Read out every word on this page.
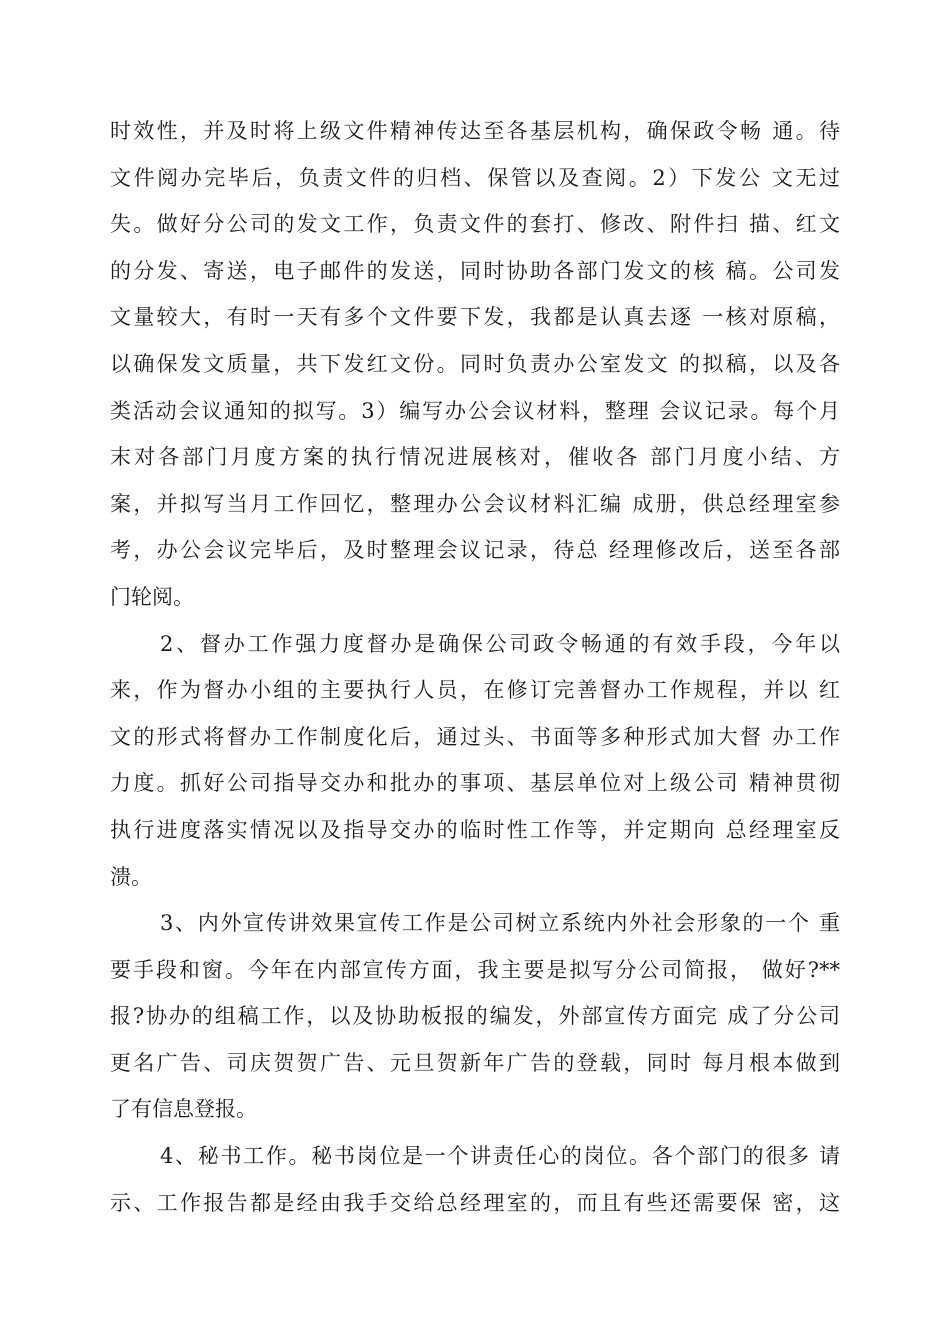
时效性，并及时将上级文件精神传达至各基层机构，确保政令畅 通。待
文件阅办完毕后，负责文件的归档、保管以及查阅。2）下发公 文无过
失。做好分公司的发文工作，负责文件的套打、修改、附件扫 描、红文
的分发、寄送，电子邮件的发送，同时协助各部门发文的核 稿。公司发
文量较大，有时一天有多个文件要下发，我都是认真去逐 一核对原稿，
以确保发文质量，共下发红文份。同时负责办公室发文 的拟稿，以及各
类活动会议通知的拟写。3）编写办公会议材料，整理 会议记录。每个月
末对各部门月度方案的执行情况进展核对，催收各 部门月度小结、方
案，并拟写当月工作回忆，整理办公会议材料汇编 成册，供总经理室参
考，办公会议完毕后，及时整理会议记录，待总 经理修改后，送至各部
门轮阅。
2、督办工作强力度督办是确保公司政令畅通的有效手段，今年以
来，作为督办小组的主要执行人员，在修订完善督办工作规程，并以 红
文的形式将督办工作制度化后，通过头、书面等多种形式加大督 办工作
力度。抓好公司指导交办和批办的事项、基层单位对上级公司 精神贯彻
执行进度落实情况以及指导交办的临时性工作等，并定期向 总经理室反
溃。
3、内外宣传讲效果宣传工作是公司树立系统内外社会形象的一个 重
要手段和窗。今年在内部宣传方面，我主要是拟写分公司简报， 做好?**
报?协办的组稿工作，以及协助板报的编发，外部宣传方面完 成了分公司
更名广告、司庆贺贺广告、元旦贺新年广告的登载，同时 每月根本做到
了有信息登报。
4、秘书工作。秘书岗位是一个讲责任心的岗位。各个部门的很多 请
示、工作报告都是经由我手交给总经理室的，而且有些还需要保 密，这
